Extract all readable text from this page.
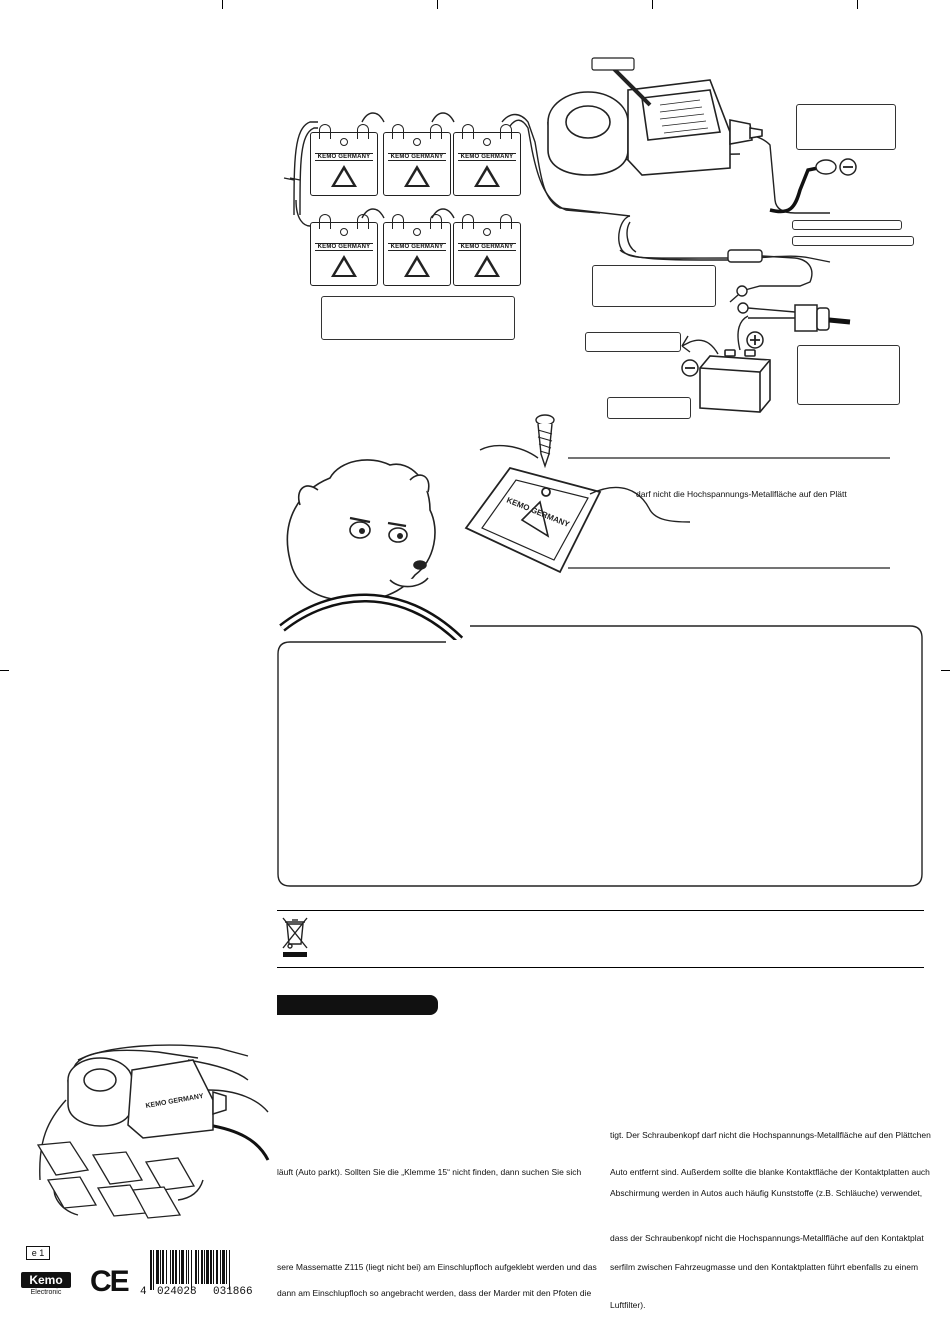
KEMO GERMANY	KEMO GERMANY	KEMO GERMANY
KEMO GERMANY	KEMO GERMANY	KEMO GERMANY
KEMO GERMANY
darf nicht die Hochspannungs-Metallfläche auf den Plätt
KEMO GERMANY
tigt. Der Schraubenkopf darf nicht die Hochspannungs-Metallfläche auf den Plättchen
läuft (Auto parkt). Sollten Sie die „Klemme 15“ nicht finden, dann suchen Sie sich	Auto entfernt sind. Außerdem sollte die blanke Kontaktfläche der Kontaktplatten auch
Abschirmung werden in Autos auch häufig Kunststoffe (z.B. Schläuche) verwendet,
dass der Schraubenkopf nicht die Hochspannungs-Metallfläche auf den Kontaktplat
sere Massematte Z115 (liegt nicht bei) am Einschlupfloch aufgeklebt werden und das serfilm zwischen Fahrzeugmasse und den Kontaktplatten führt ebenfalls zu einem
dann am Einschlupfloch so angebracht werden, dass der Marder mit den Pfoten die
Luftfilter).
e 1
Kemo
Electronic CE 4 024028 031866
